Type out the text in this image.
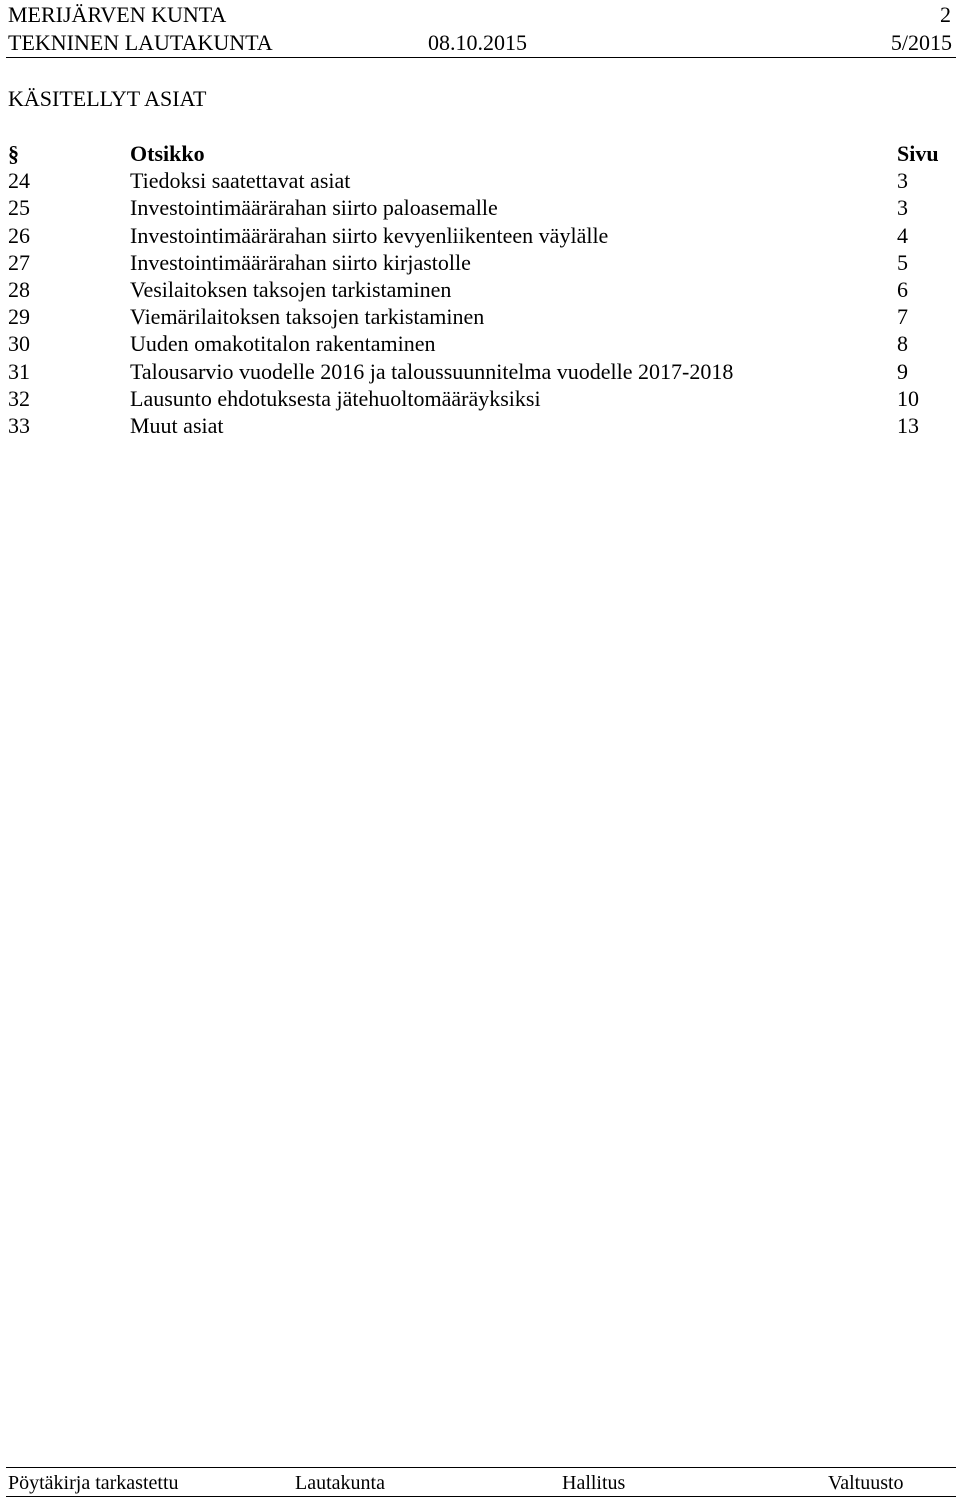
MERIJÄRVEN KUNTA	2
TEKNINEN LAUTAKUNTA	08.10.2015	5/2015
KÄSITELLYT ASIAT
§	Otsikko	Sivu
24	Tiedoksi saatettavat asiat	3
25	Investointimäärärahan siirto paloasemalle	3
26	Investointimäärärahan siirto kevyenliikenteen väylälle	4
27	Investointimäärärahan siirto kirjastolle	5
28	Vesilaitoksen taksojen tarkistaminen	6
29	Viemärilaitoksen taksojen tarkistaminen	7
30	Uuden omakotitalon rakentaminen	8
31	Talousarvio vuodelle 2016 ja taloussuunnitelma vuodelle 2017-2018	9
32	Lausunto ehdotuksesta jätehuoltomääräyksiksi	10
33	Muut asiat	13
Pöytäkirja tarkastettu	Lautakunta	Hallitus	Valtuusto
